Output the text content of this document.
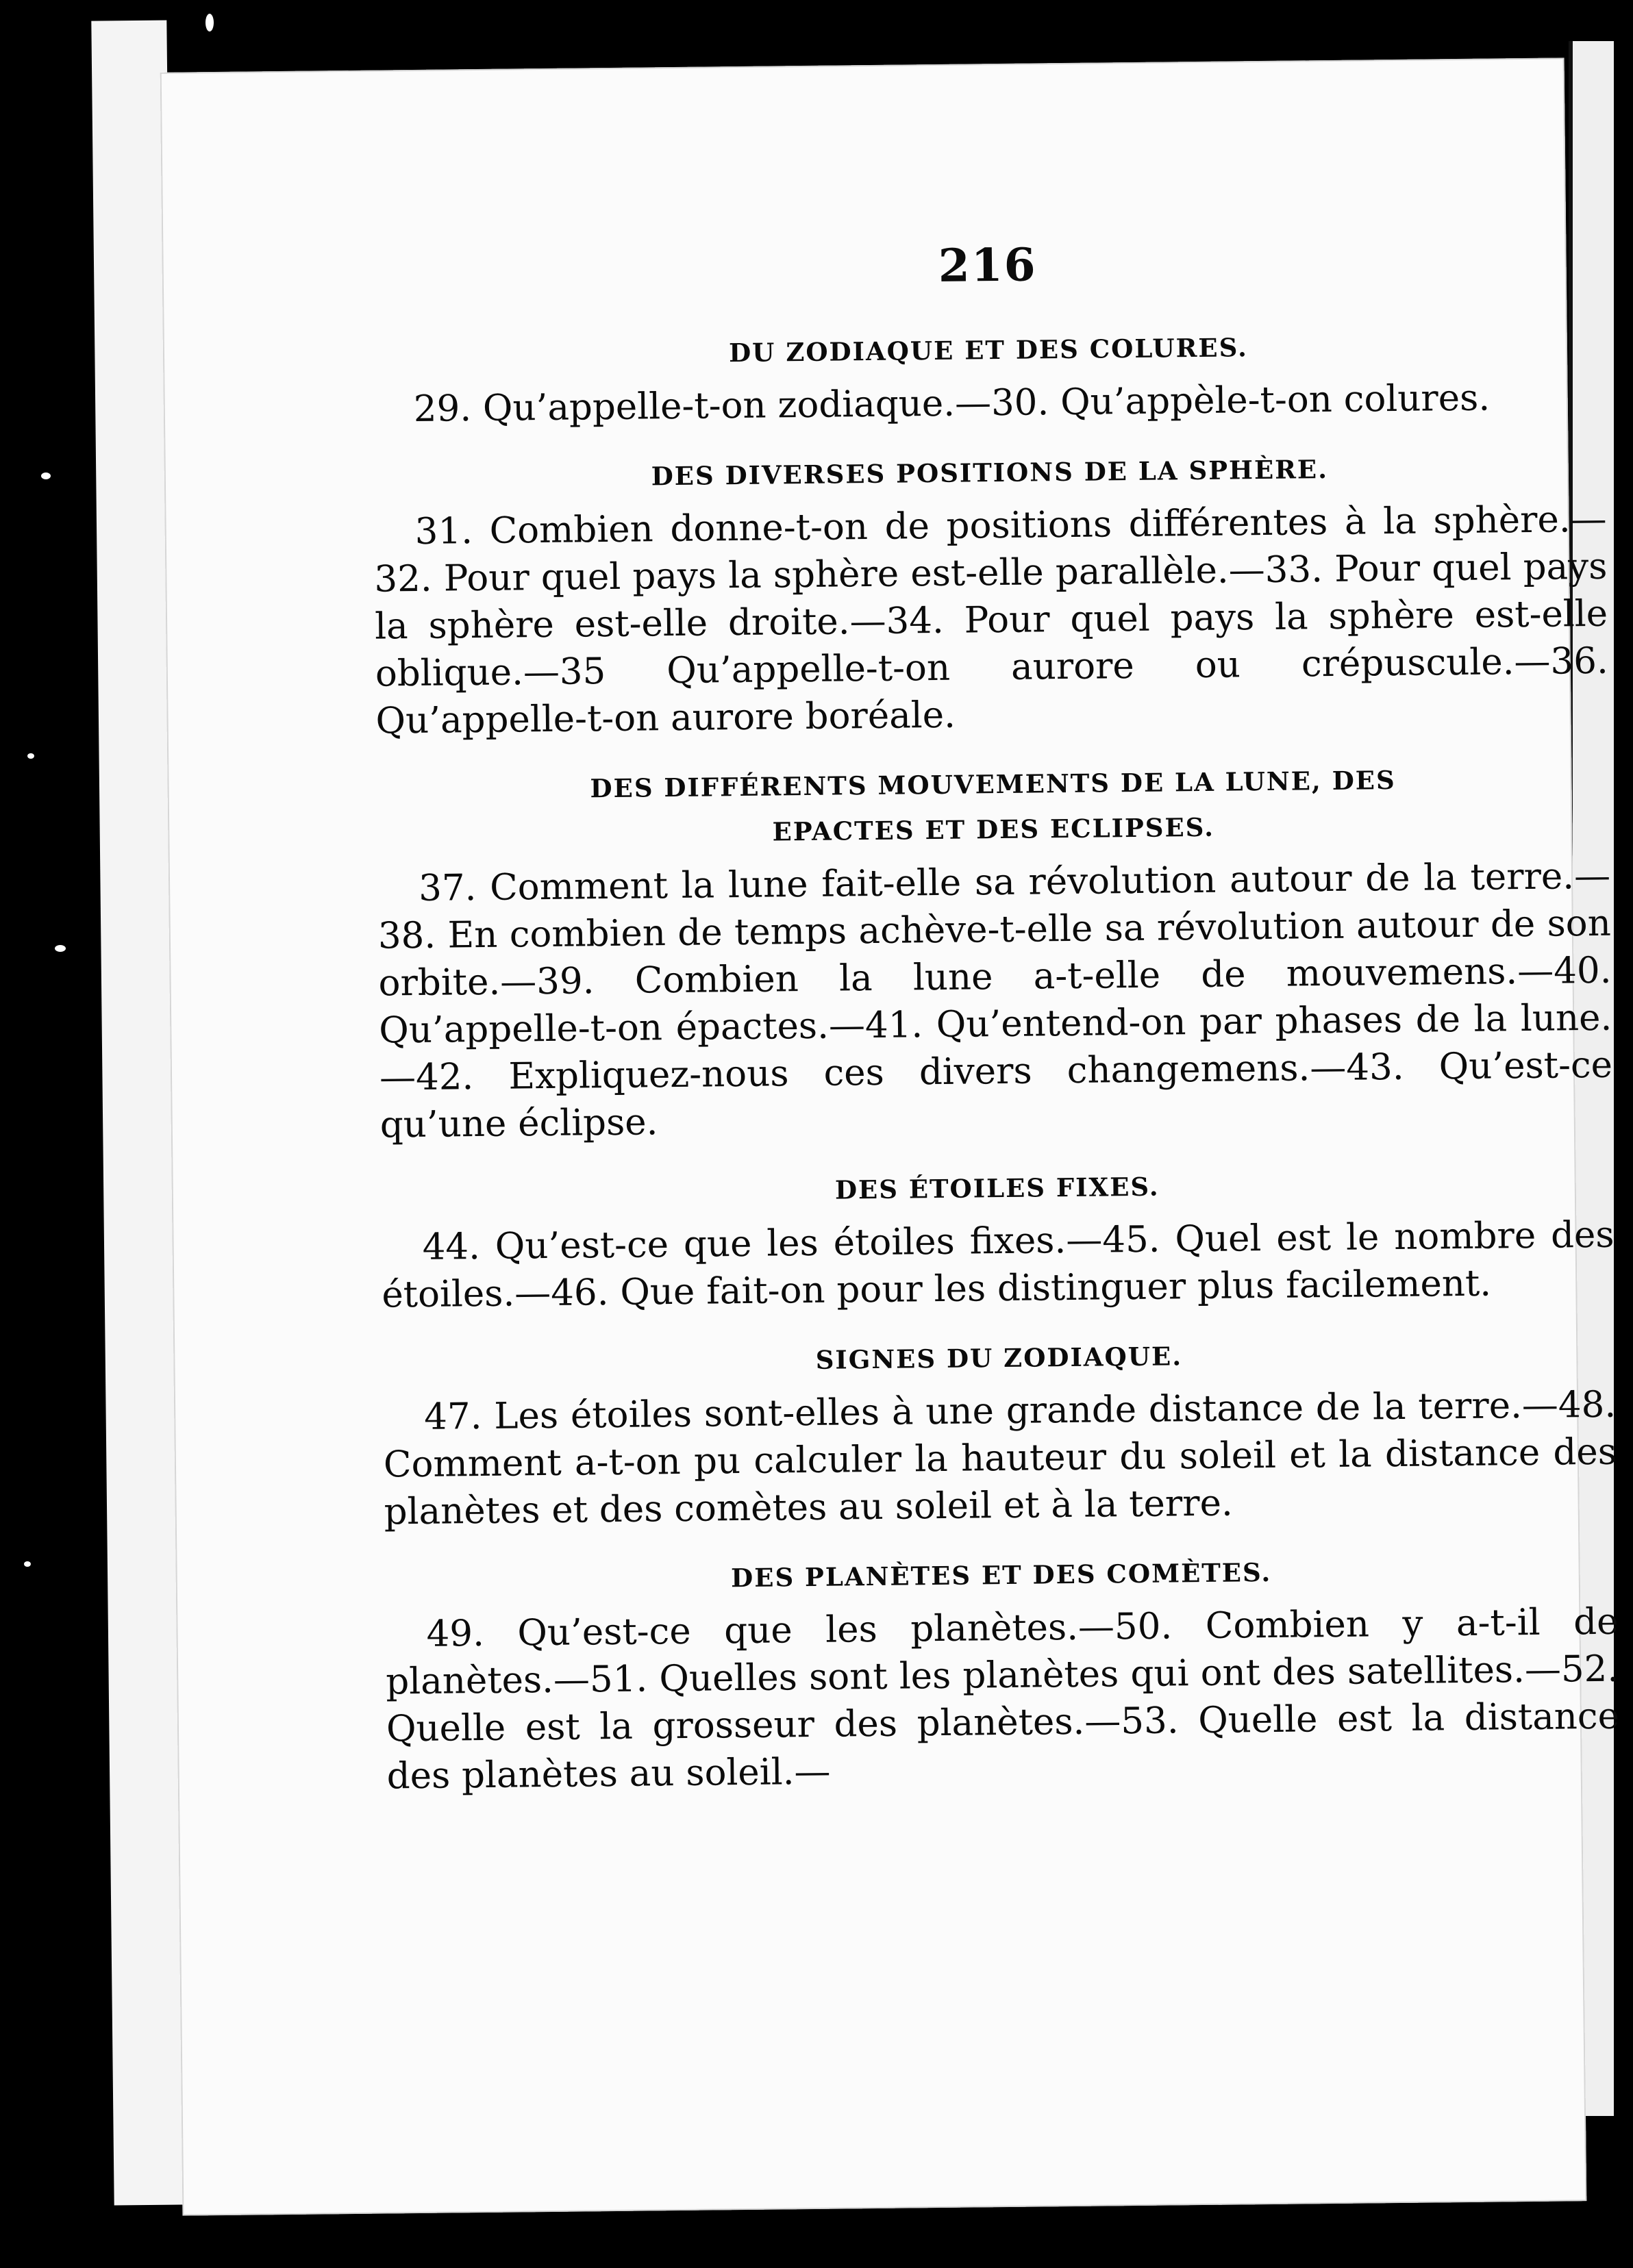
216
DU ZODIAQUE ET DES COLURES.

29. Qu’appelle-t-on zodiaque.—30. Qu’appèle-t-on colures.

DES DIVERSES POSITIONS DE LA SPHÈRE.

31. Combien donne-t-on de positions différentes à la sphère.—32. Pour quel pays la sphère est-elle parallèle.—33. Pour quel pays la sphère est-elle droite.—34. Pour quel pays la sphère est-elle oblique.—35 Qu’appelle-t-on aurore ou crépuscule.—36. Qu’appelle-t-on aurore boréale.

DES DIFFÉRENTS MOUVEMENTS DE LA LUNE, DES
EPACTES ET DES ECLIPSES.

37. Comment la lune fait-elle sa révolution autour de la terre.—38. En combien de temps achève-t-elle sa révolution autour de son orbite.—39. Combien la lune a-t-elle de mouvemens.—40. Qu’appelle-t-on épactes.—41. Qu’entend-on par phases de la lune.—42. Expliquez-nous ces divers changemens.—43. Qu’est-ce qu’une éclipse.

DES ÉTOILES FIXES.

44. Qu’est-ce que les étoiles fixes.—45. Quel est le nombre des étoiles.—46. Que fait-on pour les distinguer plus facilement.

SIGNES DU ZODIAQUE.

47. Les étoiles sont-elles à une grande distance de la terre.—48. Comment a-t-on pu calculer la hauteur du soleil et la distance des planètes et des comètes au soleil et à la terre.

DES PLANÈTES ET DES COMÈTES.

49. Qu’est-ce que les planètes.—50. Combien y a-t-il de planètes.—51. Quelles sont les planètes qui ont des satellites.—52. Quelle est la grosseur des planètes.—53. Quelle est la distance des planètes au soleil.—
